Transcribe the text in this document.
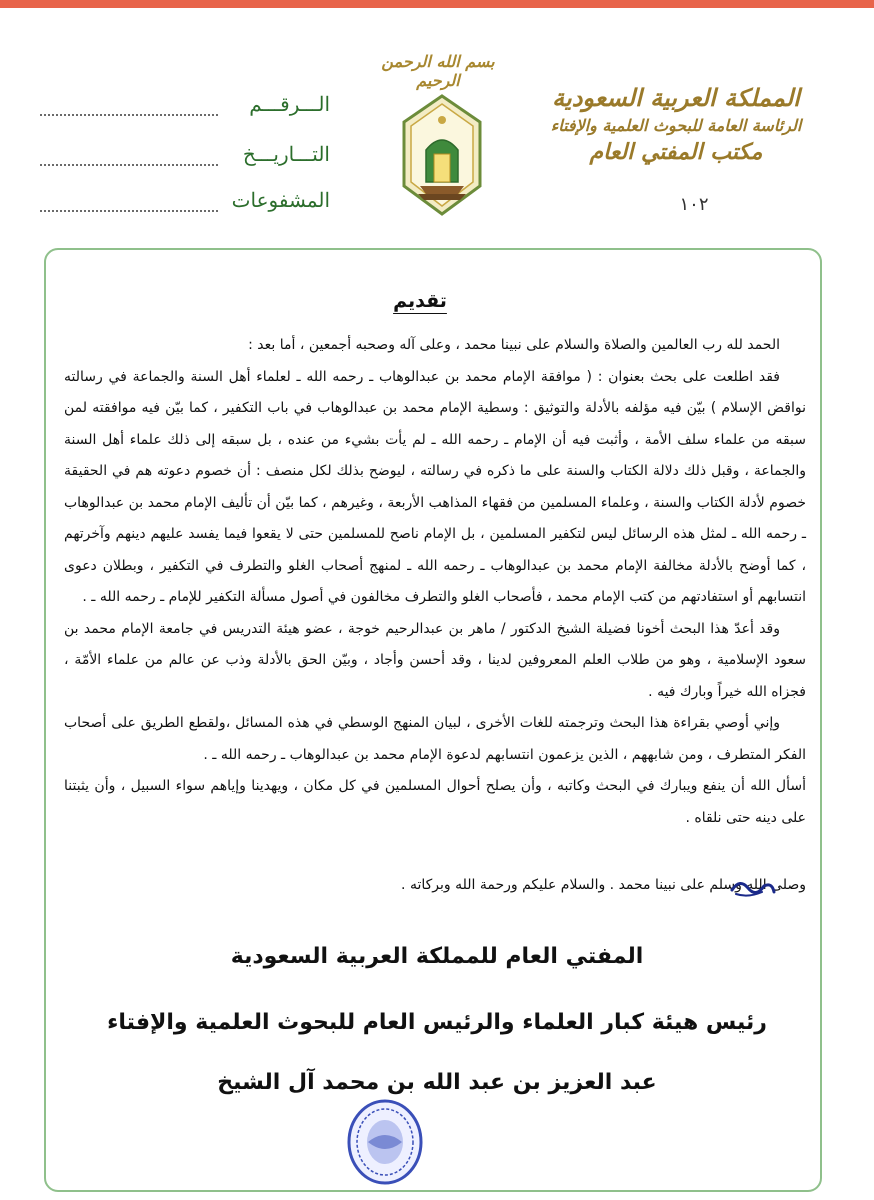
الـــرقـــم
التـــاريـــخ
المشفوعات
بسم الله الرحمن الرحيم
المملكة العربية السعودية
الرئاسة العامة للبحوث العلمية والإفتاء
مكتب المفتي العام
١٠٢
تقديم

الحمد لله رب العالمين والصلاة والسلام على نبينا محمد ، وعلى آله وصحبه أجمعين ، أما بعد :

فقد اطلعت على بحث بعنوان : ( موافقة الإمام محمد بن عبدالوهاب ـ رحمه الله ـ لعلماء أهل السنة والجماعة في رسالته نواقض الإسلام ) بيّن فيه مؤلفه بالأدلة والتوثيق : وسطية الإمام محمد بن عبدالوهاب في باب التكفير ، كما بيّن فيه موافقته لمن سبقه من علماء سلف الأمة ، وأثبت فيه أن الإمام ـ رحمه الله ـ لم يأت بشيء من عنده ، بل سبقه إلى ذلك علماء أهل السنة والجماعة ، وقبل ذلك دلالة الكتاب والسنة على ما ذكره في رسالته ، ليوضح بذلك لكل منصف : أن خصوم دعوته هم في الحقيقة خصوم لأدلة الكتاب والسنة ، وعلماء المسلمين من فقهاء المذاهب الأربعة ، وغيرهم ، كما بيّن أن تأليف الإمام محمد بن عبدالوهاب ـ رحمه الله ـ لمثل هذه الرسائل ليس لتكفير المسلمين ، بل الإمام ناصح للمسلمين حتى لا يقعوا فيما يفسد عليهم دينهم وآخرتهم ، كما أوضح بالأدلة مخالفة الإمام محمد بن عبدالوهاب ـ رحمه الله ـ لمنهج أصحاب الغلو والتطرف في التكفير ، وبطلان دعوى انتسابهم أو استفادتهم من كتب الإمام محمد ، فأصحاب الغلو والتطرف مخالفون في أصول مسألة التكفير للإمام ـ رحمه الله ـ .

وقد أعدّ هذا البحث أخونا فضيلة الشيخ الدكتور / ماهر بن عبدالرحيم خوجة ، عضو هيئة التدريس في جامعة الإمام محمد بن سعود الإسلامية ، وهو من طلاب العلم المعروفين لدينا ، وقد أحسن وأجاد ، وبيّن الحق بالأدلة وذب عن عالم من علماء الأمّة ، فجزاه الله خيراً وبارك فيه .

وإني أوصي بقراءة هذا البحث وترجمته للغات الأخرى ، لبيان المنهج الوسطي في هذه المسائل ،ولقطع الطريق على أصحاب الفكر المتطرف ، ومن شابههم ، الذين يزعمون انتسابهم لدعوة الإمام محمد بن عبدالوهاب ـ رحمه الله ـ .

أسأل الله أن ينفع ويبارك في البحث وكاتبه ، وأن يصلح أحوال المسلمين في كل مكان ، ويهدينا وإياهم سواء السبيل ، وأن يثبتنا على دينه حتى نلقاه .

وصلى الله وسلم على نبينا محمد . والسلام عليكم ورحمة الله وبركاته .
المفتي العام للمملكة العربية السعودية
رئيس هيئة كبار العلماء والرئيس العام للبحوث العلمية والإفتاء
عبد العزيز بن عبد الله بن محمد آل الشيخ
